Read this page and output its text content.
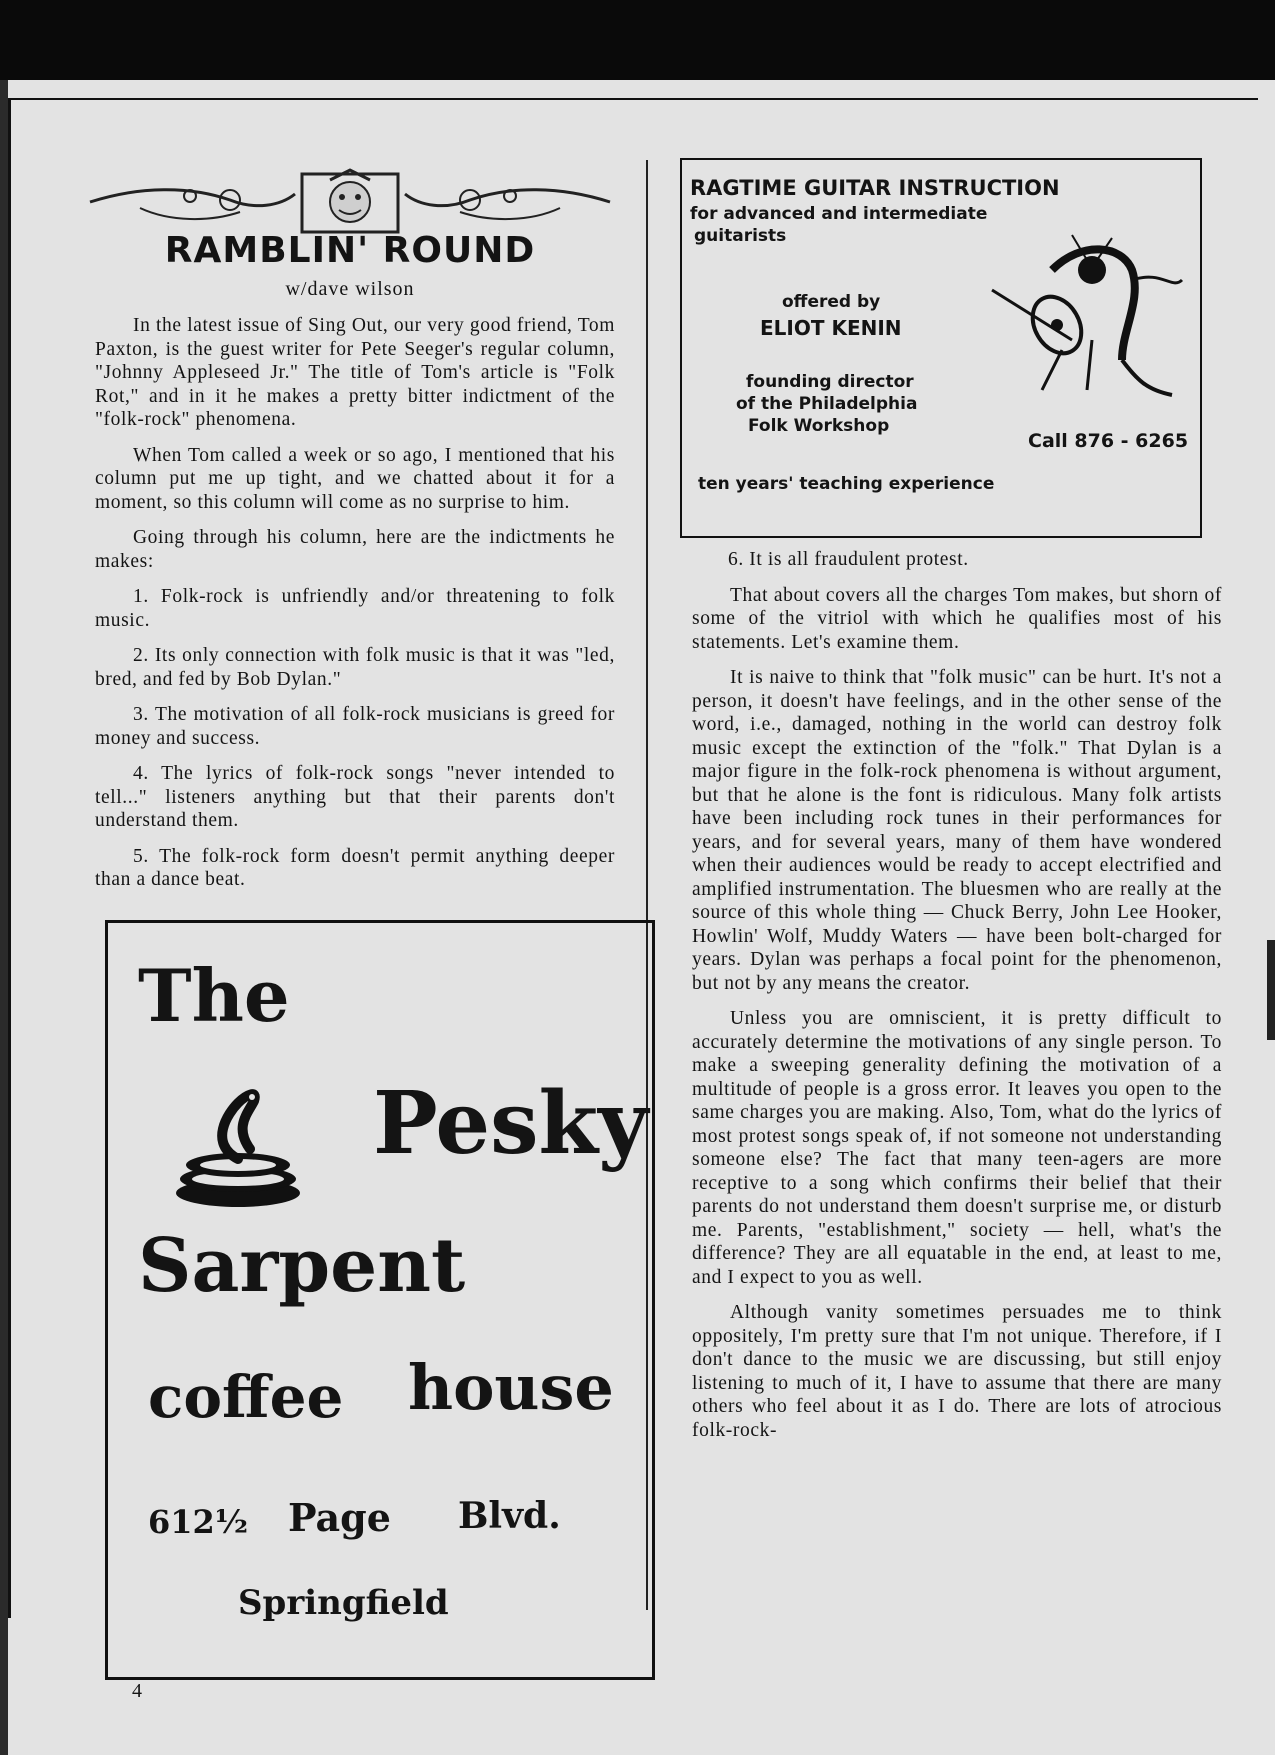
RAMBLIN' ROUND
w/dave wilson

In the latest issue of Sing Out, our very good friend, Tom Paxton, is the guest writer for Pete Seeger's regular column, "Johnny Appleseed Jr." The title of Tom's article is "Folk Rot," and in it he makes a pretty bitter indictment of the "folk-rock" phenomena.

When Tom called a week or so ago, I mentioned that his column put me up tight, and we chatted about it for a moment, so this column will come as no surprise to him.

Going through his column, here are the indictments he makes:

1. Folk-rock is unfriendly and/or threatening to folk music.

2. Its only connection with folk music is that it was "led, bred, and fed by Bob Dylan."

3. The motivation of all folk-rock musicians is greed for money and success.

4. The lyrics of folk-rock songs "never intended to tell..." listeners anything but that their parents don't understand them.

5. The folk-rock form doesn't permit anything deeper than a dance beat.

The
Pesky
Sarpent
coffee house
612½ Page Blvd.
Springfield
4
RAGTIME GUITAR INSTRUCTION
for advanced and intermediate
guitarists
offered by
ELIOT KENIN
founding director
of the Philadelphia
Folk Workshop
Call 876 - 6265
ten years' teaching experience

6. It is all fraudulent protest.

That about covers all the charges Tom makes, but shorn of some of the vitriol with which he qualifies most of his statements. Let's examine them.

It is naive to think that "folk music" can be hurt. It's not a person, it doesn't have feelings, and in the other sense of the word, i.e., damaged, nothing in the world can destroy folk music except the extinction of the "folk." That Dylan is a major figure in the folk-rock phenomena is without argument, but that he alone is the font is ridiculous. Many folk artists have been including rock tunes in their performances for years, and for several years, many of them have wondered when their audiences would be ready to accept electrified and amplified instrumentation. The bluesmen who are really at the source of this whole thing — Chuck Berry, John Lee Hooker, Howlin' Wolf, Muddy Waters — have been bolt-charged for years. Dylan was perhaps a focal point for the phenomenon, but not by any means the creator.

Unless you are omniscient, it is pretty difficult to accurately determine the motivations of any single person. To make a sweeping generality defining the motivation of a multitude of people is a gross error. It leaves you open to the same charges you are making. Also, Tom, what do the lyrics of most protest songs speak of, if not someone not understanding someone else? The fact that many teen-agers are more receptive to a song which confirms their belief that their parents do not understand them doesn't surprise me, or disturb me. Parents, "establishment," society — hell, what's the difference? They are all equatable in the end, at least to me, and I expect to you as well.

Although vanity sometimes persuades me to think oppositely, I'm pretty sure that I'm not unique. Therefore, if I don't dance to the music we are discussing, but still enjoy listening to much of it, I have to assume that there are many others who feel about it as I do. There are lots of atrocious folk-rock-
